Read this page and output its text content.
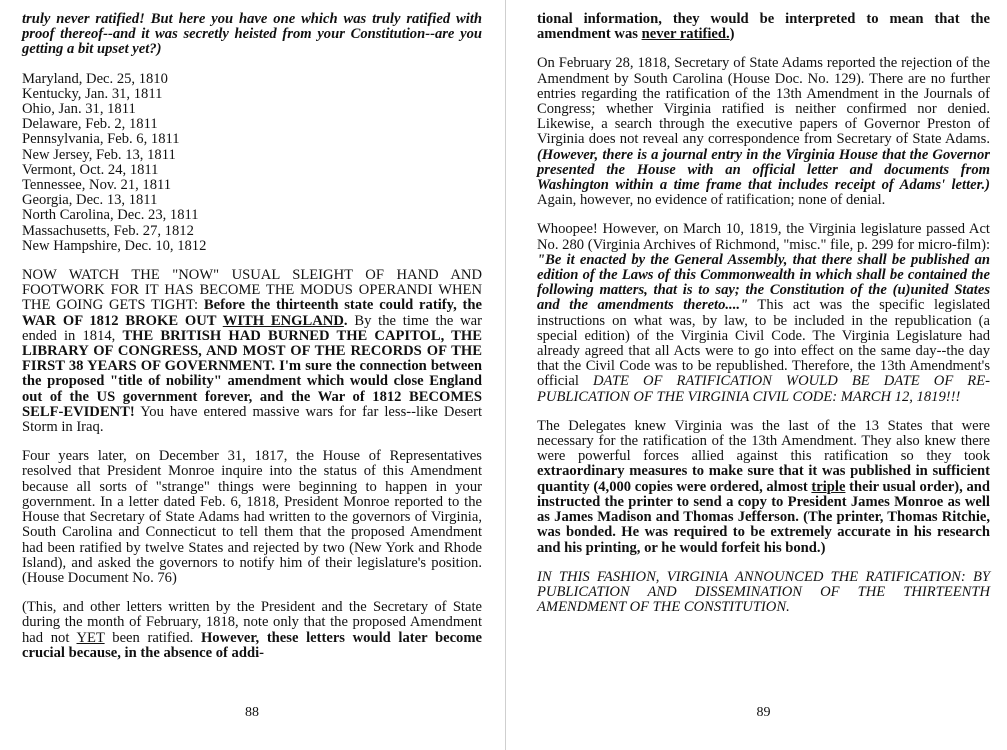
truly never ratified! But here you have one which was truly ratified with proof thereof--and it was secretly heisted from your Constitution--are you getting a bit upset yet?)

Maryland, Dec. 25, 1810
Kentucky, Jan. 31, 1811
Ohio, Jan. 31, 1811
Delaware, Feb. 2, 1811
Pennsylvania, Feb. 6, 1811
New Jersey, Feb. 13, 1811
Vermont, Oct. 24, 1811
Tennessee, Nov. 21, 1811
Georgia, Dec. 13, 1811
North Carolina, Dec. 23, 1811
Massachusetts, Feb. 27, 1812
New Hampshire, Dec. 10, 1812

NOW WATCH THE "NOW" USUAL SLEIGHT OF HAND AND FOOTWORK FOR IT HAS BECOME THE MODUS OPERANDI WHEN THE GOING GETS TIGHT: Before the thirteenth state could ratify, the WAR OF 1812 BROKE OUT WITH ENGLAND. By the time the war ended in 1814, THE BRITISH HAD BURNED THE CAPITOL, THE LIBRARY OF CONGRESS, AND MOST OF THE RECORDS OF THE FIRST 38 YEARS OF GOVERNMENT. I'm sure the connection between the proposed "title of nobility" amendment which would close England out of the US government forever, and the War of 1812 BECOMES SELF-EVIDENT! You have entered massive wars for far less--like Desert Storm in Iraq.

Four years later, on December 31, 1817, the House of Representatives resolved that President Monroe inquire into the status of this Amendment because all sorts of "strange" things were beginning to happen in your government. In a letter dated Feb. 6, 1818, President Monroe reported to the House that Secretary of State Adams had written to the governors of Virginia, South Carolina and Connecticut to tell them that the proposed Amendment had been ratified by twelve States and rejected by two (New York and Rhode Island), and asked the governors to notify him of their legislature's position. (House Document No. 76)

(This, and other letters written by the President and the Secretary of State during the month of February, 1818, note only that the proposed Amendment had not YET been ratified. However, these letters would later become crucial because, in the absence of addi-

88

tional information, they would be interpreted to mean that the amendment was never ratified.)

On February 28, 1818, Secretary of State Adams reported the rejection of the Amendment by South Carolina (House Doc. No. 129). There are no further entries regarding the ratification of the 13th Amendment in the Journals of Congress; whether Virginia ratified is neither confirmed nor denied. Likewise, a search through the executive papers of Governor Preston of Virginia does not reveal any correspondence from Secretary of State Adams. (However, there is a journal entry in the Virginia House that the Governor presented the House with an official letter and documents from Washington within a time frame that includes receipt of Adams' letter.) Again, however, no evidence of ratification; none of denial.

Whoopee! However, on March 10, 1819, the Virginia legislature passed Act No. 280 (Virginia Archives of Richmond, "misc." file, p. 299 for micro-film): "Be it enacted by the General Assembly, that there shall be published an edition of the Laws of this Commonwealth in which shall be contained the following matters, that is to say; the Constitution of the (u)united States and the amendments thereto...." This act was the specific legislated instructions on what was, by law, to be included in the republication (a special edition) of the Virginia Civil Code. The Virginia Legislature had already agreed that all Acts were to go into effect on the same day--the day that the Civil Code was to be republished. Therefore, the 13th Amendment's official DATE OF RATIFICATION WOULD BE DATE OF RE-PUBLICATION OF THE VIRGINIA CIVIL CODE: MARCH 12, 1819!!!

The Delegates knew Virginia was the last of the 13 States that were necessary for the ratification of the 13th Amendment. They also knew there were powerful forces allied against this ratification so they took extraordinary measures to make sure that it was published in sufficient quantity (4,000 copies were ordered, almost triple their usual order), and instructed the printer to send a copy to President James Monroe as well as James Madison and Thomas Jefferson. (The printer, Thomas Ritchie, was bonded. He was required to be extremely accurate in his research and his printing, or he would forfeit his bond.)

IN THIS FASHION, VIRGINIA ANNOUNCED THE RATIFICATION: BY PUBLICATION AND DISSEMINATION OF THE THIRTEENTH AMENDMENT OF THE CONSTITUTION.

89
